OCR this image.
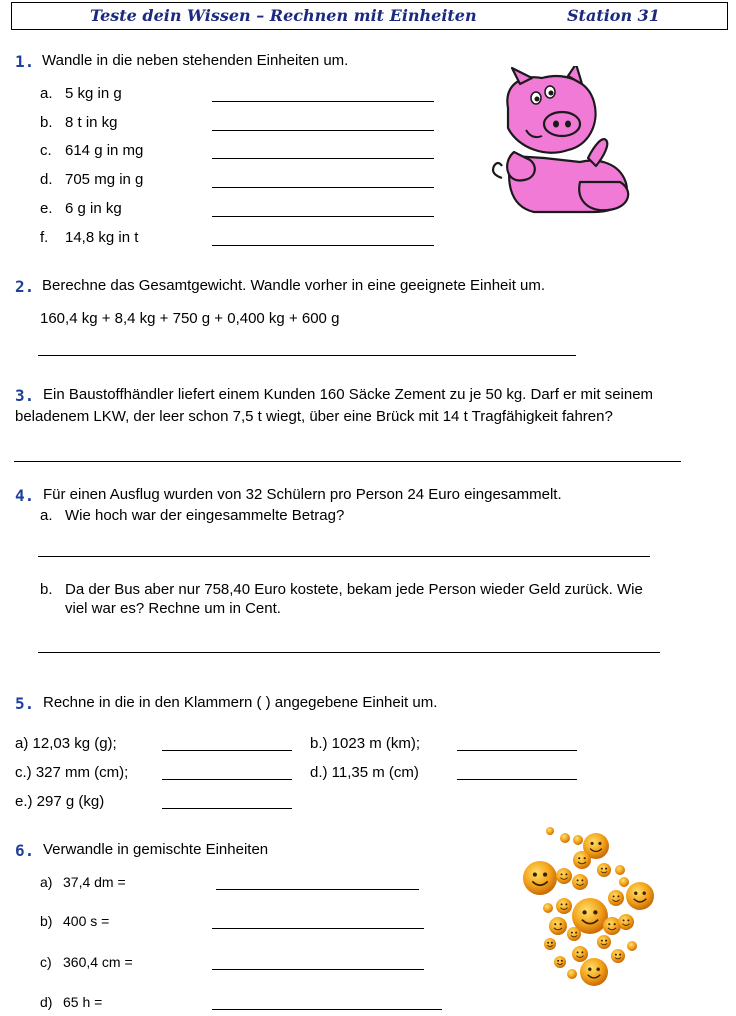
Teste dein Wissen – Rechnen mit Einheiten	Station 31
1. Wandle in die neben stehenden Einheiten um.
a. 5 kg in g
b. 8 t in kg
c. 614 g in mg
d. 705 mg in g
e. 6 g in kg
f. 14,8 kg in t
2. Berechne das Gesamtgewicht. Wandle vorher in eine geeignete Einheit um.
160,4 kg + 8,4 kg + 750 g + 0,400 kg + 600 g
3. Ein Baustoffhändler liefert einem Kunden 160 Säcke Zement zu je 50 kg. Darf er mit seinem
beladenem LKW, der leer schon 7,5 t wiegt, über eine Brück mit 14 t Tragfähigkeit fahren?
4. Für einen Ausflug wurden von 32 Schülern pro Person 24 Euro eingesammelt.
a. Wie hoch war der eingesammelte Betrag?
b. Da der Bus aber nur 758,40 Euro kostete, bekam jede Person wieder Geld zurück. Wie
viel war es? Rechne um in Cent.
5. Rechne in die in den Klammern ( ) angegebene Einheit um.
a) 12,03 kg (g);	b.) 1023 m (km);
c.) 327 mm (cm);	d.) 11,35 m (cm)
e.) 297 g (kg)
6. Verwandle in gemischte Einheiten
a) 37,4 dm =
b) 400 s =
c) 360,4 cm =
d) 65 h =
